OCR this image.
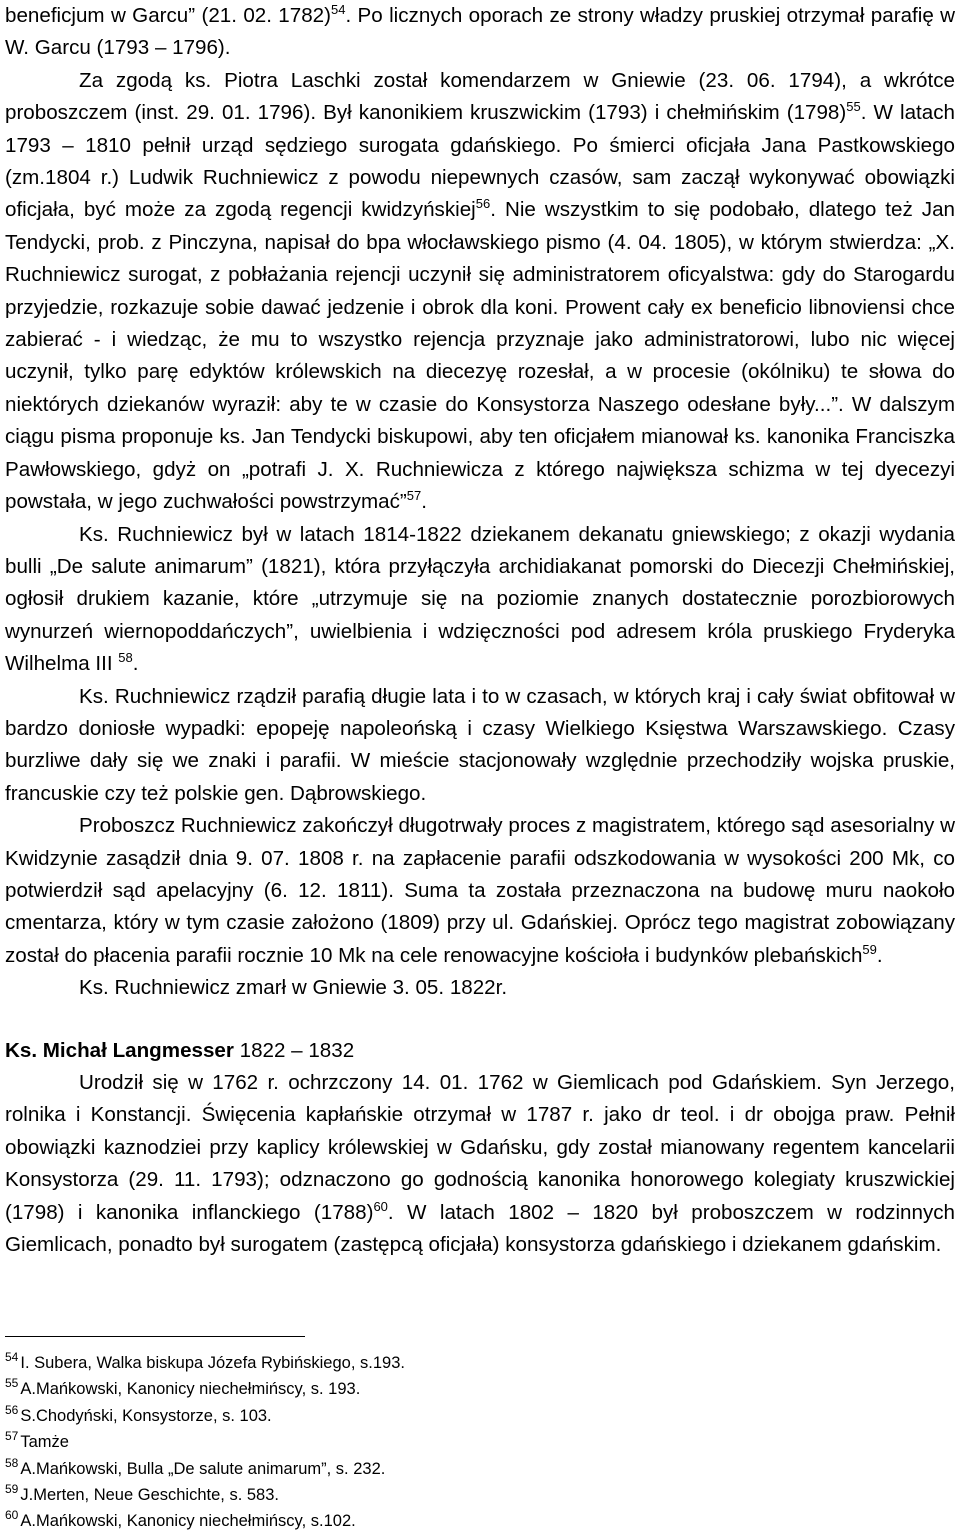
beneficjum w Garcu” (21. 02. 1782)$^{54}$. Po licznych oporach ze strony władzy pruskiej otrzymał parafię w W. Garcu (1793 – 1796).

Za zgodą ks. Piotra Laschki został komendarzem w Gniewie (23. 06. 1794), a wkrótce proboszczem (inst. 29. 01. 1796). Był kanonikiem kruszwickim (1793) i chełmińskim $(1798)^{55}$. W latach 1793 – 1810 pełnił urząd sędziego surogata gdańskiego. Po śmierci oficjała Jana Pastkowskiego (zm.1804 r.) Ludwik Ruchniewicz z powodu niepewnych czasów, sam zaczął wykonywać obowiązki oficjała, być może za zgodą regencji kwidzyńskiej$^{56}$. Nie wszystkim to się podobało, dlatego też Jan Tendycki, prob. z Pinczyna, napisał do bpa włocławskiego pismo (4. 04. 1805), w którym stwierdza: „X. Ruchniewicz surogat, z pobłażania rejencji uczynił się administratorem oficyalstwa: gdy do Starogardu przyjedzie, rozkazuje sobie dawać jedzenie i obrok dla koni. Prowent cały ex beneficio libnoviensi chce zabierać - i wiedząc, że mu to wszystko rejencja przyznaje jako administratorowi, lubo nic więcej uczynił, tylko parę edyktów królewskich na diecezyę rozesłał, a w procesie (okólniku) te słowa do niektórych dziekanów wyraził: aby te w czasie do Konsystorza Naszego odesłane były...”. W dalszym ciągu pisma proponuje ks. Jan Tendycki biskupowi, aby ten oficjałem mianował ks. kanonika Franciszka Pawłowskiego, gdyż on „potrafi J. X. Ruchniewicza z którego największa schizma w tej dyecezyi powstała, w jego zuchwałości powstrzymać”$^{57}$.

Ks. Ruchniewicz był w latach 1814-1822 dziekanem dekanatu gniewskiego; z okazji wydania bulli „De salute animarum” (1821), która przyłączyła archidiakanat pomorski do Diecezji Chełmińskiej, ogłosił drukiem kazanie, które „utrzymuje się na poziomie znanych dostatecznie porozbiorowych wynurzeń wiernopoddańczych”, uwielbienia i wdzięczności pod adresem króla pruskiego Fryderyka Wilhelma III $^{58}$.

Ks. Ruchniewicz rządził parafią długie lata i to w czasach, w których kraj i cały świat obfitował w bardzo doniosłe wypadki: epopeję napoleońską i czasy Wielkiego Księstwa Warszawskiego. Czasy burzliwe dały się we znaki i parafii. W mieście stacjonowały względnie przechodziły wojska pruskie, francuskie czy też polskie gen. Dąbrowskiego.

Proboszcz Ruchniewicz zakończył długotrwały proces z magistratem, którego sąd asesorialny w Kwidzynie zasądził dnia 9. 07. 1808 r. na zapłacenie parafii odszkodowania w wysokości 200 Mk, co potwierdził sąd apelacyjny (6. 12. 1811). Suma ta została przeznaczona na budowę muru naokoło cmentarza, który w tym czasie założono (1809) przy ul. Gdańskiej. Oprócz tego magistrat zobowiązany został do płacenia parafii rocznie 10 Mk na cele renowacyjne kościoła i budynków plebańskich$^{59}$.

Ks. Ruchniewicz zmarł w Gniewie 3. 05. 1822r.

Ks. Michał Langmesser 1822 – 1832

Urodził się w 1762 r. ochrzczony 14. 01. 1762 w Giemlicach pod Gdańskiem. Syn Jerzego, rolnika i Konstancji. Święcenia kapłańskie otrzymał w 1787 r. jako dr teol. i dr obojga praw. Pełnił obowiązki kaznodziei przy kaplicy królewskiej w Gdańsku, gdy został mianowany regentem kancelarii Konsystorza (29. 11. 1793); odznaczono go godnością kanonika honorowego kolegiaty kruszwickiej (1798) i kanonika inflanckiego $(1788)^{60}$. W latach 1802 – 1820 był proboszczem w rodzinnych Giemlicach, ponadto był surogatem (zastępcą oficjała) konsystorza gdańskiego i dziekanem gdańskim.

$^{54}$ I. Subera, Walka biskupa Józefa Rybińskiego, s.193.

$^{55}$ A.Mańkowski, Kanonicy niechełmińscy, s. 193.

$^{56}$ S.Chodyński, Konsystorze, s. 103.

$^{57}$ Tamże

$^{58}$ A.Mańkowski, Bulla „De salute animarum”, s. 232.

$^{59}$ J.Merten, Neue Geschichte, s. 583.

$^{60}$ A.Mańkowski, Kanonicy niechełmińscy, s.102.
